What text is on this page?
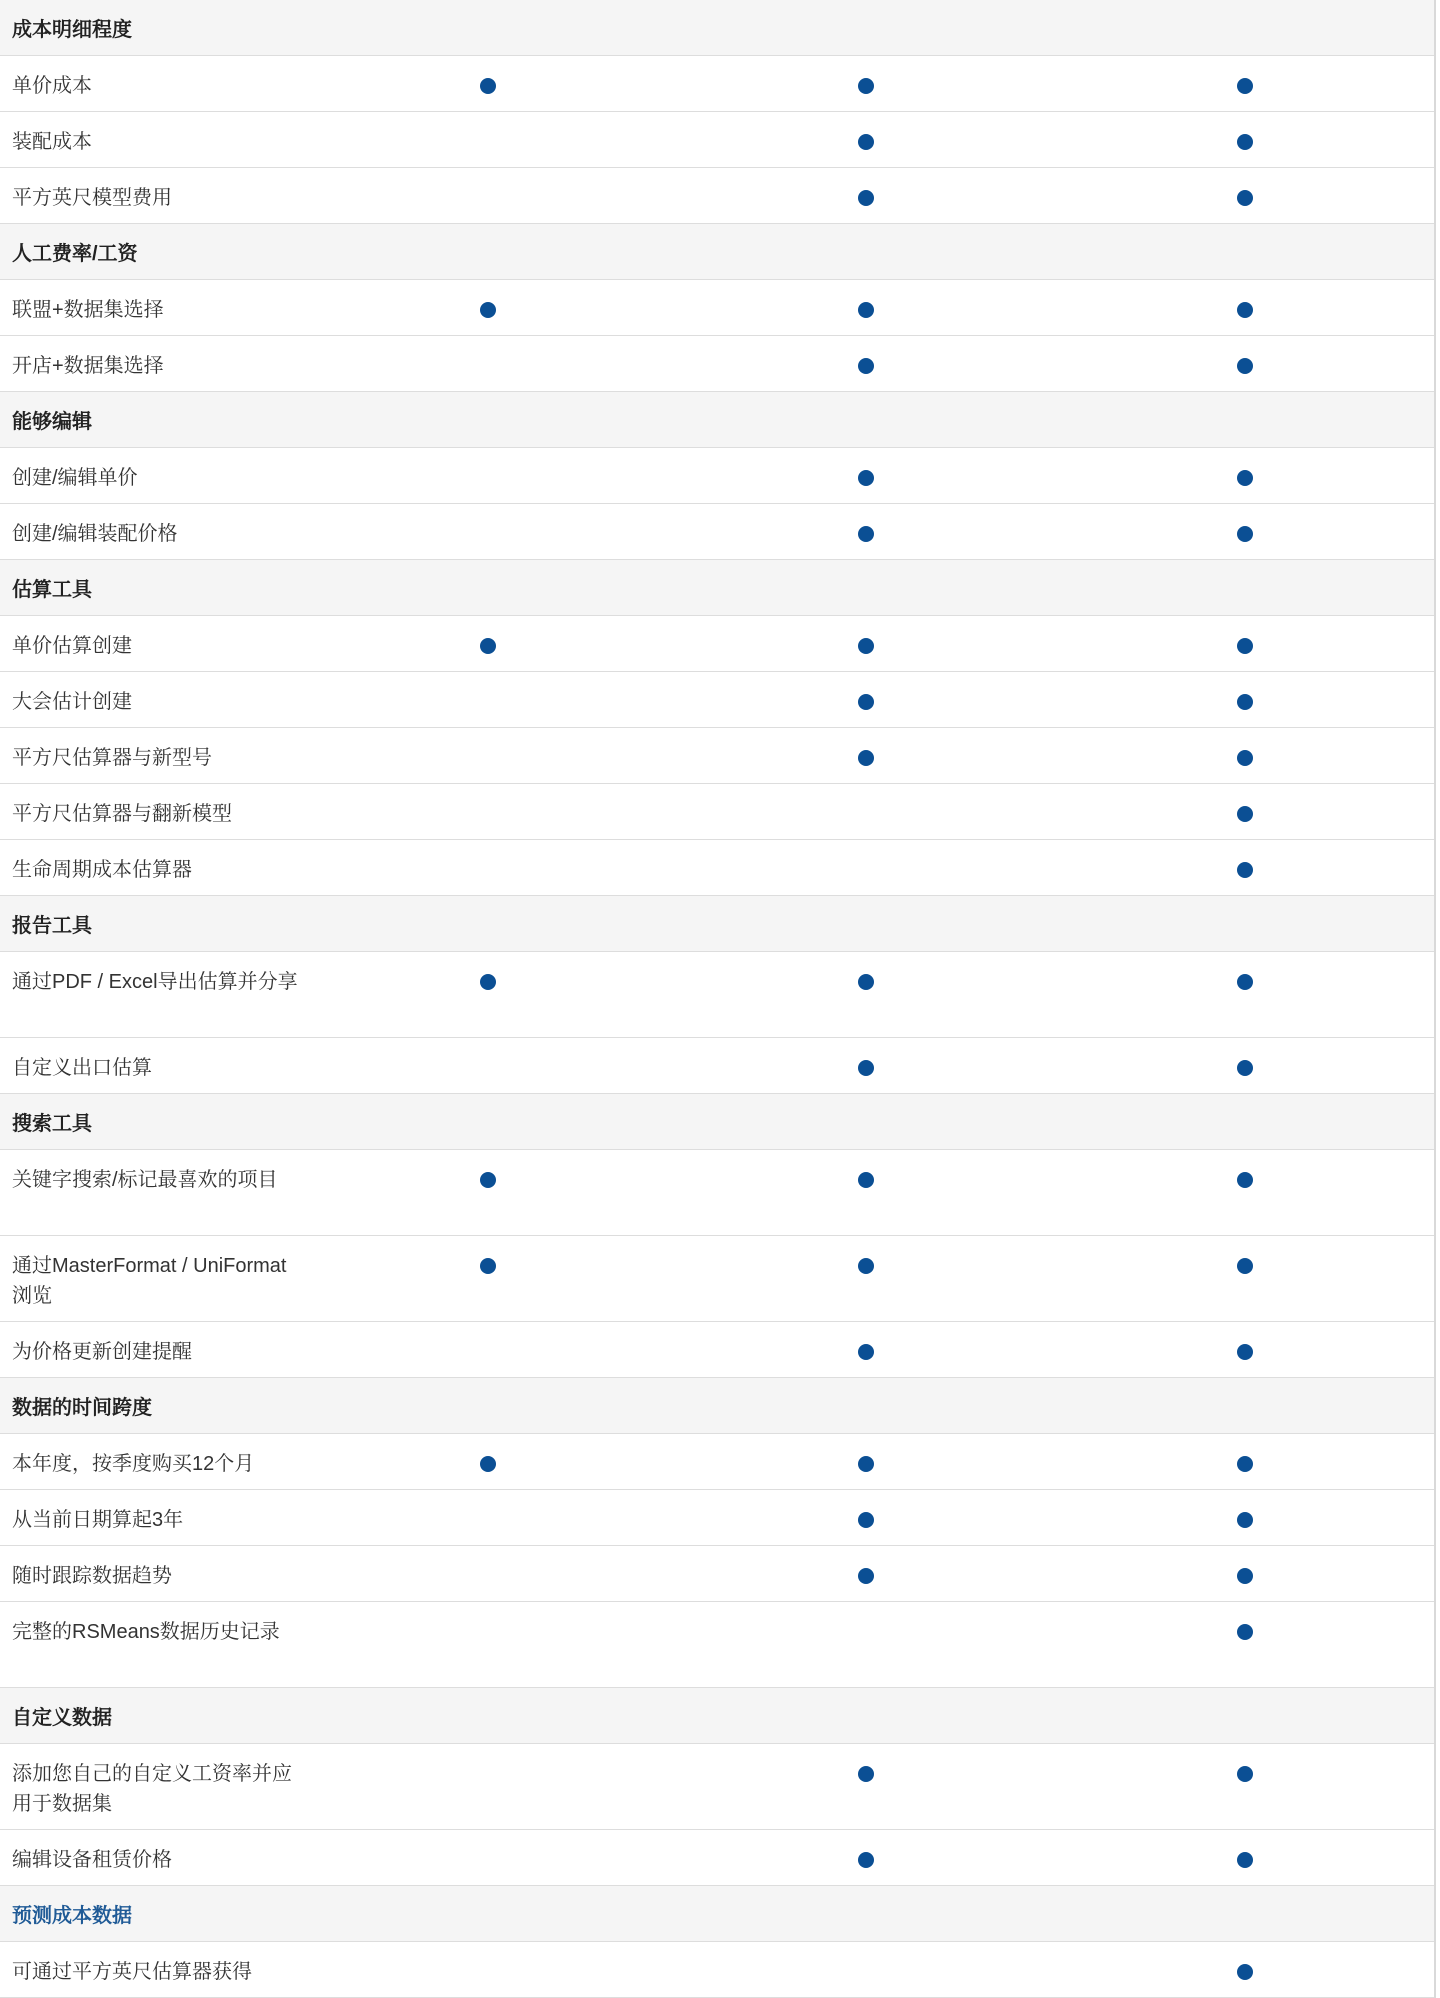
成本明细程度
单价成本
装配成本
平方英尺模型费用
人工费率/工资
联盟+数据集选择
开店+数据集选择
能够编辑
创建/编辑单价
创建/编辑装配价格
估算工具
单价估算创建
大会估计创建
平方尺估算器与新型号
平方尺估算器与翻新模型
生命周期成本估算器
报告工具
通过PDF / Excel导出估算并分享
自定义出口估算
搜索工具
关键字搜索/标记最喜欢的项目
通过MasterFormat / UniFormat浏览
为价格更新创建提醒
数据的时间跨度
本年度，按季度购买12个月
从当前日期算起3年
随时跟踪数据趋势
完整的RSMeans数据历史记录
自定义数据
添加您自己的自定义工资率并应用于数据集
编辑设备租赁价格
预测成本数据
可通过平方英尺估算器获得
